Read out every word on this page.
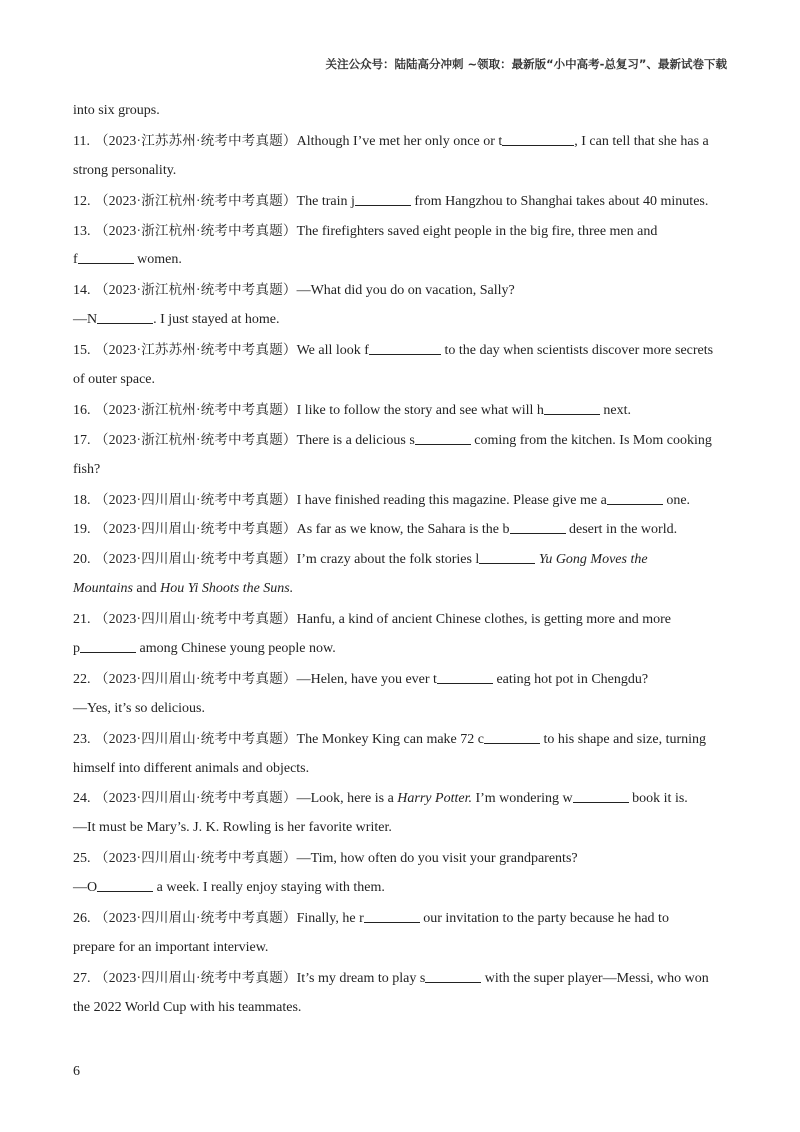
关注公众号：陆陆高分冲刺 ~领取：最新版“小中高考-总复习”、最新试卷下载
into six groups.
11. （2023·江苏苏州·统考中考真题）Although I’ve met her only once or t	, I can tell that she has a
strong personality.
12. （2023·浙江杭州·统考中考真题）The train j	from Hangzhou to Shanghai takes about 40 minutes.
13. （2023·浙江杭州·统考中考真题）The firefighters saved eight people in the big fire, three men and
f	women.
14. （2023·浙江杭州·统考中考真题）—What did you do on vacation, Sally?
—N	. I just stayed at home.
15. （2023·江苏苏州·统考中考真题）We all look f	to the day when scientists discover more secrets
of outer space.
16. （2023·浙江杭州·统考中考真题）I like to follow the story and see what will h	next.
17. （2023·浙江杭州·统考中考真题）There is a delicious s	coming from the kitchen. Is Mom cooking
fish?
18. （2023·四川眉山·统考中考真题）I have finished reading this magazine. Please give me a	one.
19. （2023·四川眉山·统考中考真题）As far as we know, the Sahara is the b	desert in the world.
20. （2023·四川眉山·统考中考真题）I’m crazy about the folk stories l	Yu Gong Moves the
Mountains and Hou Yi Shoots the Suns.
21. （2023·四川眉山·统考中考真题）Hanfu, a kind of ancient Chinese clothes, is getting more and more
p	among Chinese young people now.
22. （2023·四川眉山·统考中考真题）—Helen, have you ever t	eating hot pot in Chengdu?
—Yes, it’s so delicious.
23. （2023·四川眉山·统考中考真题）The Monkey King can make 72 c	to his shape and size, turning
himself into different animals and objects.
24. （2023·四川眉山·统考中考真题）—Look, here is a Harry Potter. I’m wondering w	book it is.
—It must be Mary’s. J. K. Rowling is her favorite writer.
25. （2023·四川眉山·统考中考真题）—Tim, how often do you visit your grandparents?
—O	a week. I really enjoy staying with them.
26. （2023·四川眉山·统考中考真题）Finally, he r	our invitation to the party because he had to
prepare for an important interview.
27. （2023·四川眉山·统考中考真题）It’s my dream to play s	with the super player—Messi, who won
the 2022 World Cup with his teammates.
6
